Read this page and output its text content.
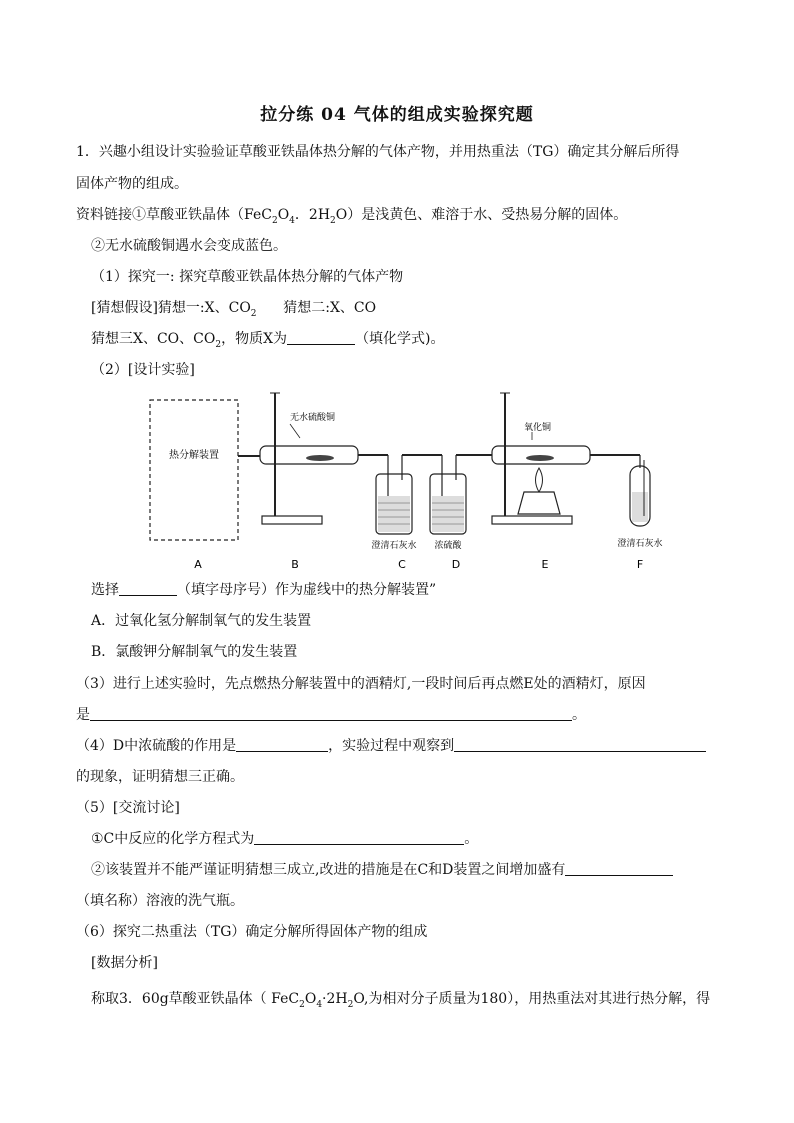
拉分练 04 气体的组成实验探究题
1．兴趣小组设计实验验证草酸亚铁晶体热分解的气体产物，并用热重法（TG）确定其分解后所得
固体产物的组成。
资料链接①草酸亚铁晶体（$FeC_2O_4$．$2H_2O$）是浅黄色、难溶于水、受热易分解的固体。
②无水硫酸铜遇水会变成蓝色。
（1）探究一: 探究草酸亚铁晶体热分解的气体产物
[猜想假设]猜想一:X、$CO_2$      猜想二:X、CO
猜想三X、CO、$CO_2$，物质X为	（填化学式)。
（2）[设计实验]
热分解装置
无水硫酸铜
澄清石灰水 浓硫酸
氧化铜
澄清石灰水
A	B	C	D	E	F
选择	（填字母序号）作为虚线中的热分解装置”
A．过氧化氢分解制氧气的发生装置
B．氯酸钾分解制氧气的发生装置
（3）进行上述实验时，先点燃热分解装置中的酒精灯,一段时间后再点燃E处的酒精灯，原因
是	。
（4）D中浓硫酸的作用是	，实验过程中观察到
的现象，证明猜想三正确。
（5）[交流讨论]
①C中反应的化学方程式为	。
②该装置并不能严谨证明猜想三成立,改进的措施是在C和D装置之间增加盛有
（填名称）溶液的洗气瓶。
（6）探究二热重法（TG）确定分解所得固体产物的组成
[数据分析]
称取3．60g草酸亚铁晶体（ $FeC_2O_4\cdot 2H_2O$,为相对分子质量为180），用热重法对其进行热分解，得
